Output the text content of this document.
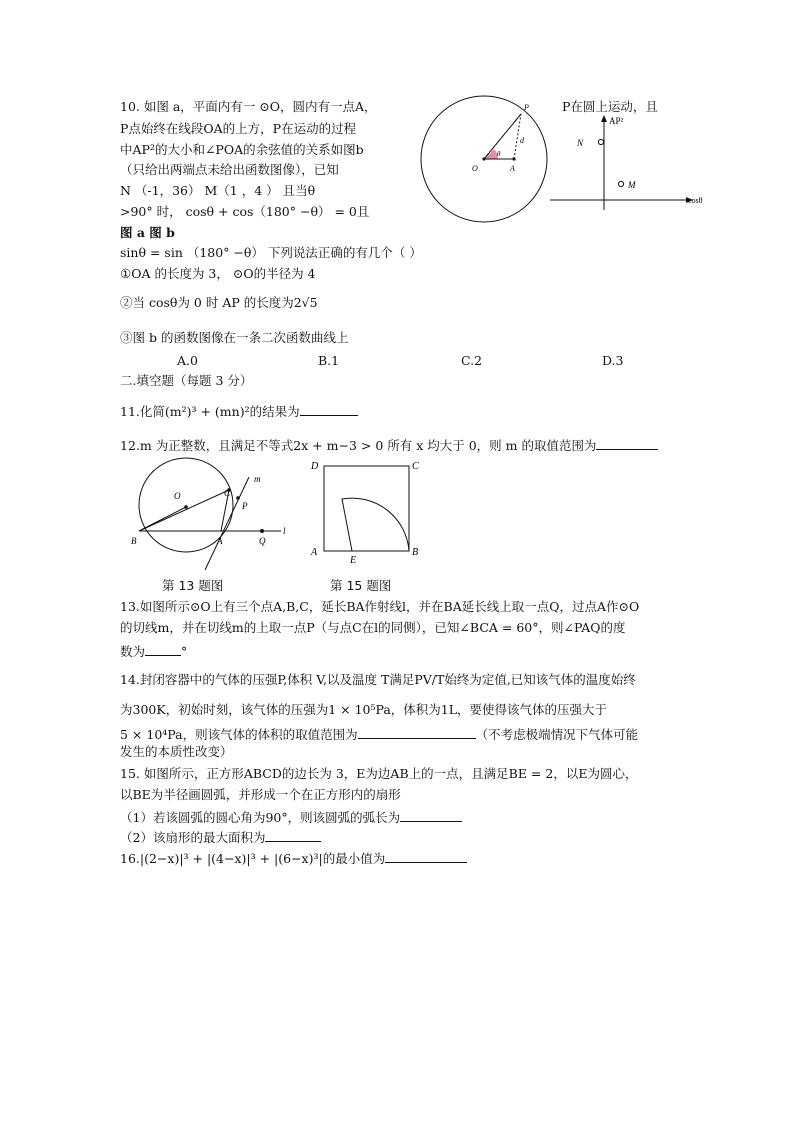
10. 如图 a，平面内有一 ⊙O，圆内有一点A，
P点始终在线段OA的上方，P在运动的过程
中AP²的大小和∠POA的余弦值的关系如图b
（只给出两端点未给出函数图像），已知
N （-1，36） M（1 ，4 ） 且当θ
>90° 时， cosθ + cos（180° −θ） = 0且
图 a 图 b
sinθ = sin （180° −θ） 下列说法正确的有几个（ ）
P在圆上运动，且
O	A
P
d
θ
AP²
cosθ
N
M
①OA 的长度为 3， ⊙O的半径为 4
②当 cosθ为 0 时 AP 的长度为2√5
③图 b 的函数图像在一条二次函数曲线上
A.0	B.1	C.2	D.3
二.填空题（每题 3 分）
11.化简(m²)³ + (mn)²的结果为
12.m 为正整数，且满足不等式2x + m−3 > 0 所有 x 均大于 0，则 m 的取值范围为
O	C
m
P
B	A	Q
l
第 13 题图
D	C
A
E
B
第 15 题图
13.如图所示⊙O上有三个点A,B,C，延长BA作射线l，并在BA延长线上取一点Q，过点A作⊙O
的切线m，并在切线m的上取一点P（与点C在l的同侧），已知∠BCA = 60°，则∠PAQ的度
数为	°
14.封闭容器中的气体的压强P,体积 V,以及温度 T满足PV/T始终为定值,已知该气体的温度始终
为300K，初始时刻，该气体的压强为1 × 10⁵Pa，体积为1L，要使得该气体的压强大于
5 × 10⁴Pa，则该气体的体积的取值范围为	（不考虑极端情况下气体可能
发生的本质性改变）
15. 如图所示，正方形ABCD的边长为 3，E为边AB上的一点，且满足BE = 2，以E为圆心，
以BE为半径画圆弧，并形成一个在正方形内的扇形
（1）若该圆弧的圆心角为90°，则该圆弧的弧长为
（2）该扇形的最大面积为
16.|(2−x)|³ + |(4−x)|³ + |(6−x)³|的最小值为
